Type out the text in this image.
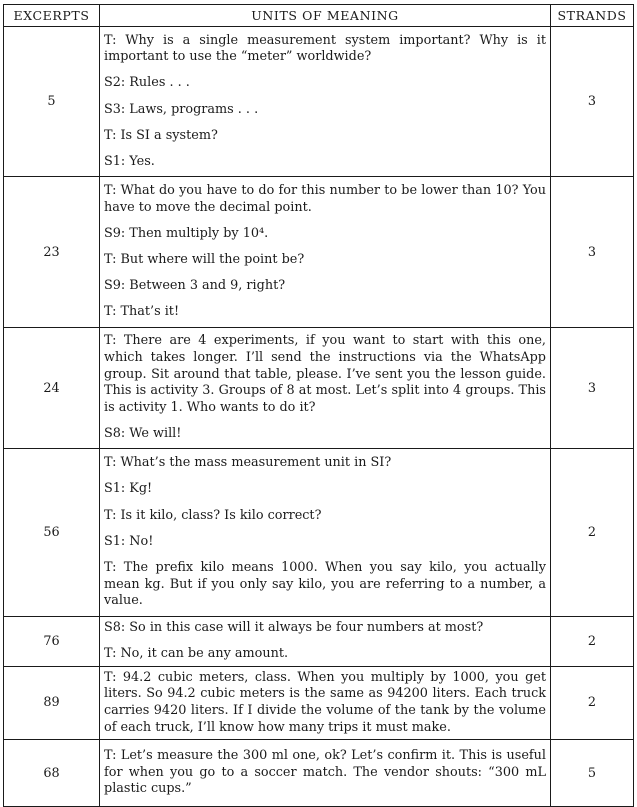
EXCERPTS	UNITS OF MEANING	STRANDS
5	T: Why is a single measurement system important? Why is it important to use the “meter” worldwide?
S2: Rules . . .
S3: Laws, programs . . .
T: Is SI a system?
S1: Yes.	3
23	T: What do you have to do for this number to be lower than 10? You have to move the decimal point.
S9: Then multiply by 10⁴.
T: But where will the point be?
S9: Between 3 and 9, right?
T: That’s it!	3
24	T: There are 4 experiments, if you want to start with this one, which takes longer. I’ll send the instructions via the WhatsApp group. Sit around that table, please. I’ve sent you the lesson guide. This is activity 3. Groups of 8 at most. Let’s split into 4 groups. This is activity 1. Who wants to do it?
S8: We will!	3
56	T: What’s the mass measurement unit in SI?
S1: Kg!
T: Is it kilo, class? Is kilo correct?
S1: No!
T: The prefix kilo means 1000. When you say kilo, you actually mean kg. But if you only say kilo, you are referring to a number, a value.	2
76	S8: So in this case will it always be four numbers at most?
T: No, it can be any amount.	2
89	T: 94.2 cubic meters, class. When you multiply by 1000, you get liters. So 94.2 cubic meters is the same as 94200 liters. Each truck carries 9420 liters. If I divide the volume of the tank by the volume of each truck, I’ll know how many trips it must make.	2
68	T: Let’s measure the 300 ml one, ok? Let’s confirm it. This is useful for when you go to a soccer match. The vendor shouts: “300 mL plastic cups.”	5
